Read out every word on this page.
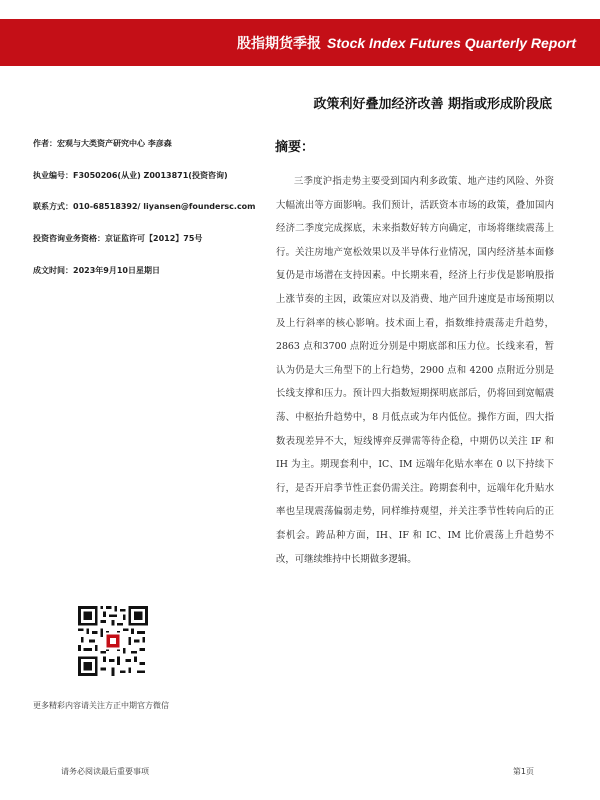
股指期货季报 Stock Index Futures Quarterly Report
政策利好叠加经济改善 期指或形成阶段底
作者：宏观与大类资产研究中心 李彦森
执业编号：F3050206(从业) Z0013871(投资咨询)
联系方式：010-68518392/ liyansen@foundersc.com
投资咨询业务资格：京证监许可【2012】75号
成文时间：2023年9月10日星期日
摘要：

三季度沪指走势主要受到国内利多政策、地产违约风险、外资大幅流出等方面影响。我们预计，活跃资本市场的政策，叠加国内经济二季度完成探底，未来指数好转方向确定，市场将继续震荡上行。关注房地产宽松效果以及半导体行业情况，国内经济基本面修复仍是市场潜在支持因素。中长期来看，经济上行步伐是影响股指上涨节奏的主因，政策应对以及消费、地产回升速度是市场预期以及上行斜率的核心影响。技术面上看，指数维持震荡走升趋势，2863 点和3700 点附近分别是中期底部和压力位。长线来看，暂认为仍是大三角型下的上行趋势，2900 点和 4200 点附近分别是长线支撑和压力。预计四大指数短期探明底部后，仍将回到宽幅震荡、中枢抬升趋势中，8 月低点或为年内低位。操作方面，四大指数表现差异不大，短线博弈反弹需等待企稳，中期仍以关注 IF 和 IH 为主。期现套利中，IC、IM 远端年化贴水率在 0 以下持续下行，是否开启季节性正套仍需关注。跨期套利中，远端年化升贴水率也呈现震荡偏弱走势，同样维持观望，并关注季节性转向后的正套机会。跨品种方面，IH、IF 和 IC、IM 比价震荡上升趋势不改，可继续维持中长期做多逻辑。

更多精彩内容请关注方正中期官方微信
请务必阅读最后重要事项	第1页
